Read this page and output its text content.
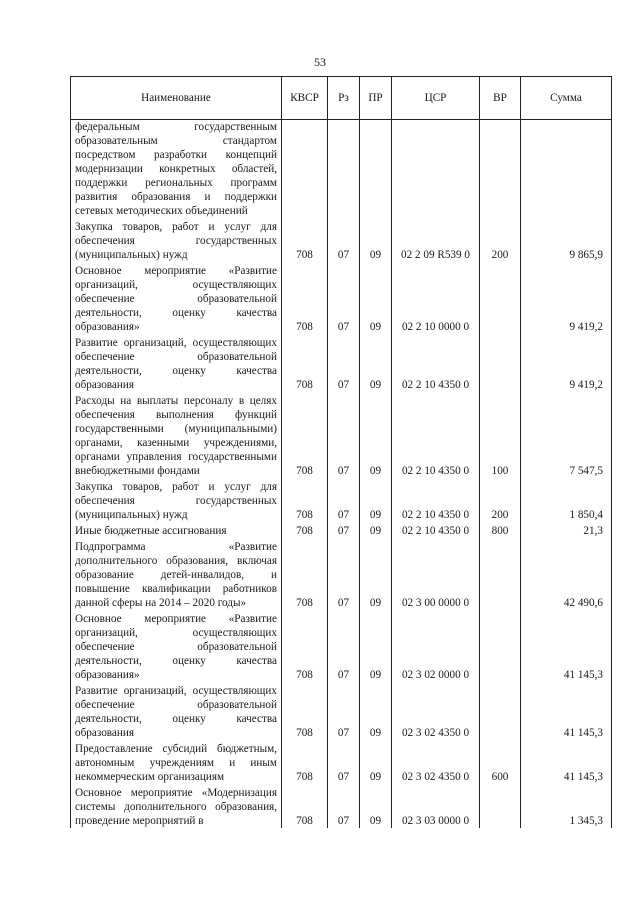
53
Наименование	КВСР	Рз	ПР	ЦСР	ВР	Сумма
федеральным государственным образовательным стандартом посредством разработки концепций модернизации конкретных областей, поддержки региональных программ развития образования и поддержки сетевых методических объединений						

Закупка товаров, работ и услуг для обеспечения государственных (муниципальных) нужд	708	07	09	02 2 09 R539 0	200	9 865,9

Основное мероприятие «Развитие организаций, осуществляющих обеспечение образовательной деятельности, оценку качества образования»	708	07	09	02 2 10 0000 0		9 419,2

Развитие организаций, осуществляющих обеспечение образовательной деятельности, оценку качества образования	708	07	09	02 2 10 4350 0		9 419,2

Расходы на выплаты персоналу в целях обеспечения выполнения функций государственными (муниципальными) органами, казенными учреждениями, органами управления государственными внебюджетными фондами	708	07	09	02 2 10 4350 0	100	7 547,5

Закупка товаров, работ и услуг для обеспечения государственных (муниципальных) нужд	708	07	09	02 2 10 4350 0	200	1 850,4

Иные бюджетные ассигнования	708	07	09	02 2 10 4350 0	800	21,3

Подпрограмма «Развитие дополнительного образования, включая образование детей-инвалидов, и повышение квалификации работников данной сферы на 2014 – 2020 годы»	708	07	09	02 3 00 0000 0		42 490,6

Основное мероприятие «Развитие организаций, осуществляющих обеспечение образовательной деятельности, оценку качества образования»	708	07	09	02 3 02 0000 0		41 145,3

Развитие организаций, осуществляющих обеспечение образовательной деятельности, оценку качества образования	708	07	09	02 3 02 4350 0		41 145,3

Предоставление субсидий бюджетным, автономным учреждениям и иным некоммерческим организациям	708	07	09	02 3 02 4350 0	600	41 145,3

Основное мероприятие «Модернизация системы дополнительного образования, проведение мероприятий в	708	07	09	02 3 03 0000 0		1 345,3
